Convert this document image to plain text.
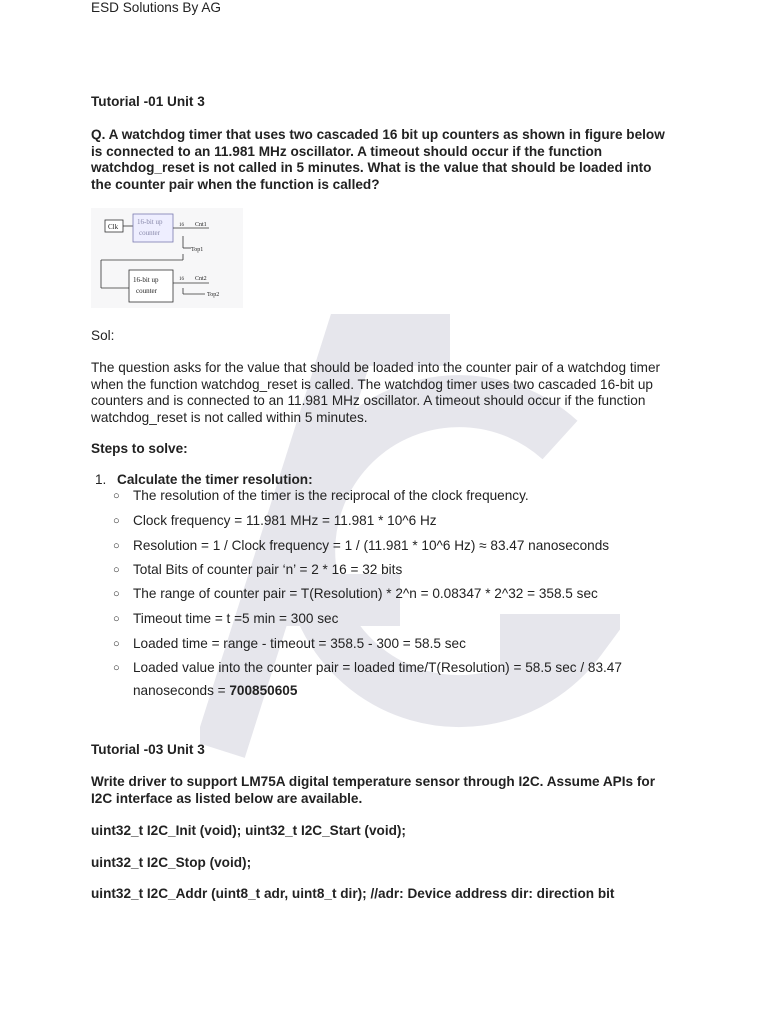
ESD Solutions By AG
Tutorial -01 Unit 3
Q. A watchdog timer that uses two cascaded 16 bit up counters as shown in figure below
is connected to an 11.981 MHz oscillator. A timeout should occur if the function
watchdog_reset is not called in 5 minutes. What is the value that should be loaded into
the counter pair when the function is called?
Clk
16-bit up
counter
16 Cnt1
Top1
16-bit up
counter
16 Cnt2
Top2
Sol:
The question asks for the value that should be loaded into the counter pair of a watchdog timer
when the function watchdog_reset is called. The watchdog timer uses two cascaded 16-bit up
counters and is connected to an 11.981 MHz oscillator. A timeout should occur if the function
watchdog_reset is not called within 5 minutes.
Steps to solve:
1. Calculate the timer resolution:
○ The resolution of the timer is the reciprocal of the clock frequency.
○ Clock frequency = 11.981 MHz = 11.981 * 10^6 Hz
○ Resolution = 1 / Clock frequency = 1 / (11.981 * 10^6 Hz) ≈ 83.47 nanoseconds
○ Total Bits of counter pair ‘n’ = 2 * 16 = 32 bits
○ The range of counter pair = T(Resolution) * 2^n = 0.08347 * 2^32 = 358.5 sec
○ Timeout time = t =5 min = 300 sec
○ Loaded time = range - timeout = 358.5 - 300 = 58.5 sec
○ Loaded value into the counter pair = loaded time/T(Resolution) = 58.5 sec / 83.47
nanoseconds = 700850605
Tutorial -03 Unit 3
Write driver to support LM75A digital temperature sensor through I2C. Assume APIs for
I2C interface as listed below are available.
uint32_t I2C_Init (void); uint32_t I2C_Start (void);
uint32_t I2C_Stop (void);
uint32_t I2C_Addr (uint8_t adr, uint8_t dir); //adr: Device address dir: direction bit
